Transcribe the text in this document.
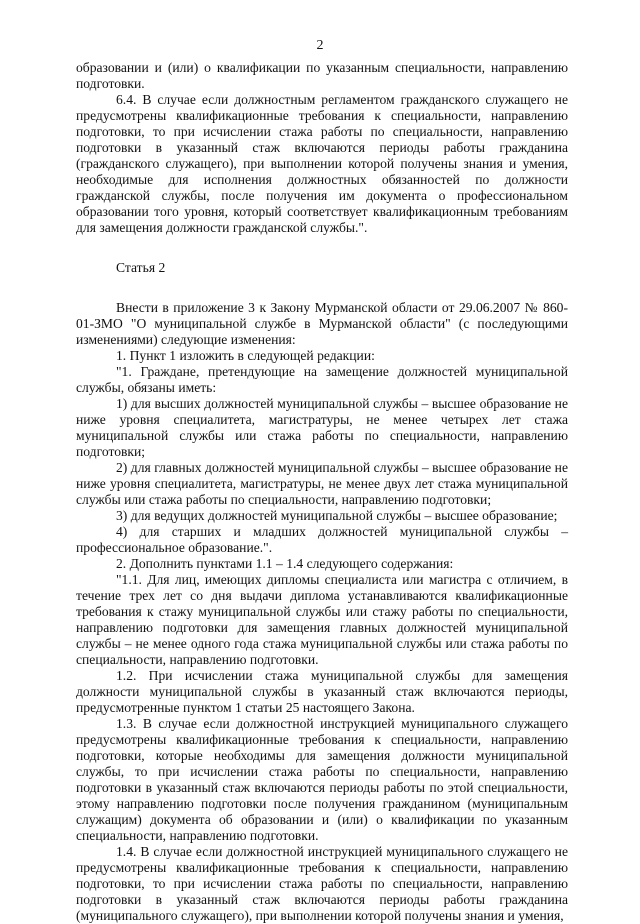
2

образовании и (или) о квалификации по указанным специальности, направлению подготовки.

6.4. В случае если должностным регламентом гражданского служащего не предусмотрены квалификационные требования к специальности, направлению подготовки, то при исчислении стажа работы по специальности, направлению подготовки в указанный стаж включаются периоды работы гражданина (гражданского служащего), при выполнении которой получены знания и умения, необходимые для исполнения должностных обязанностей по должности гражданской службы, после получения им документа о профессиональном образовании того уровня, который соответствует квалификационным требованиям для замещения должности гражданской службы.".

Статья 2

Внести в приложение 3 к Закону Мурманской области от 29.06.2007 № 860-01-ЗМО "О муниципальной службе в Мурманской области" (с последующими изменениями) следующие изменения:

1. Пункт 1 изложить в следующей редакции:

"1. Граждане, претендующие на замещение должностей муниципальной службы, обязаны иметь:

1) для высших должностей муниципальной службы – высшее образование не ниже уровня специалитета, магистратуры, не менее четырех лет стажа муниципальной службы или стажа работы по специальности, направлению подготовки;

2) для главных должностей муниципальной службы – высшее образование не ниже уровня специалитета, магистратуры, не менее двух лет стажа муниципальной службы или стажа работы по специальности, направлению подготовки;

3) для ведущих должностей муниципальной службы – высшее образование;

4) для старших и младших должностей муниципальной службы – профессиональное образование.".

2. Дополнить пунктами 1.1 – 1.4 следующего содержания:

"1.1. Для лиц, имеющих дипломы специалиста или магистра с отличием, в течение трех лет со дня выдачи диплома устанавливаются квалификационные требования к стажу муниципальной службы или стажу работы по специальности, направлению подготовки для замещения главных должностей муниципальной службы – не менее одного года стажа муниципальной службы или стажа работы по специальности, направлению подготовки.

1.2. При исчислении стажа муниципальной службы для замещения должности муниципальной службы в указанный стаж включаются периоды, предусмотренные пунктом 1 статьи 25 настоящего Закона.

1.3. В случае если должностной инструкцией муниципального служащего предусмотрены квалификационные требования к специальности, направлению подготовки, которые необходимы для замещения должности муниципальной службы, то при исчислении стажа работы по специальности, направлению подготовки в указанный стаж включаются периоды работы по этой специальности, этому направлению подготовки после получения гражданином (муниципальным служащим) документа об образовании и (или) о квалификации по указанным специальности, направлению подготовки.

1.4. В случае если должностной инструкцией муниципального служащего не предусмотрены квалификационные требования к специальности, направлению подготовки, то при исчислении стажа работы по специальности, направлению подготовки в указанный стаж включаются периоды работы гражданина (муниципального служащего), при выполнении которой получены знания и умения,
